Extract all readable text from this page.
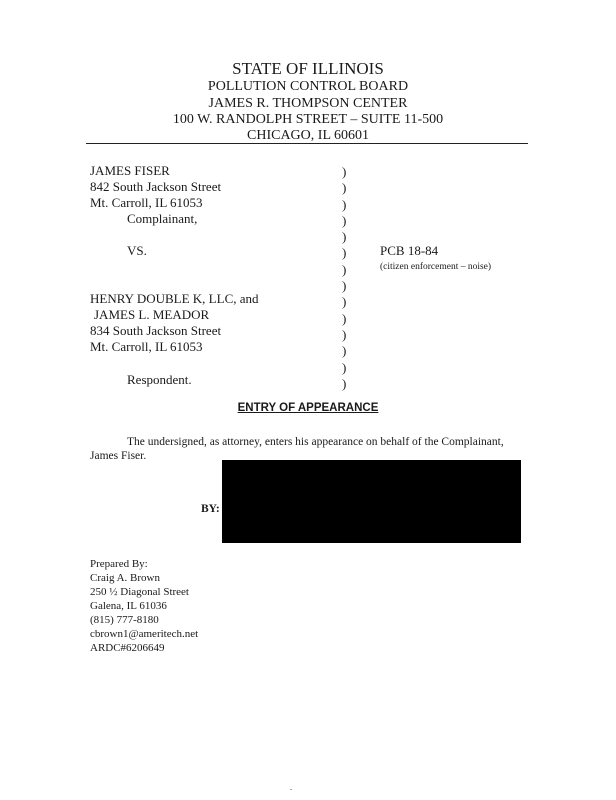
STATE OF ILLINOIS
POLLUTION CONTROL BOARD
JAMES R. THOMPSON CENTER
100 W. RANDOLPH STREET – SUITE 11-500
CHICAGO, IL 60601
JAMES FISER
842 South Jackson Street
Mt. Carroll, IL 61053
Complainant,
VS.
HENRY DOUBLE K, LLC, and
JAMES L. MEADOR
834 South Jackson Street
Mt. Carroll, IL 61053
Respondent.
)
)
)
)
)
)
)
)
)
)
)
)
)
)
PCB 18-84
(citizen enforcement – noise)
ENTRY OF APPEARANCE
The undersigned, as attorney, enters his appearance on behalf of the Complainant,
James Fiser.
BY:
Prepared By:
Craig A. Brown
250 ½ Diagonal Street
Galena, IL 61036
(815) 777-8180
cbrown1@ameritech.net
ARDC#6206649
.
